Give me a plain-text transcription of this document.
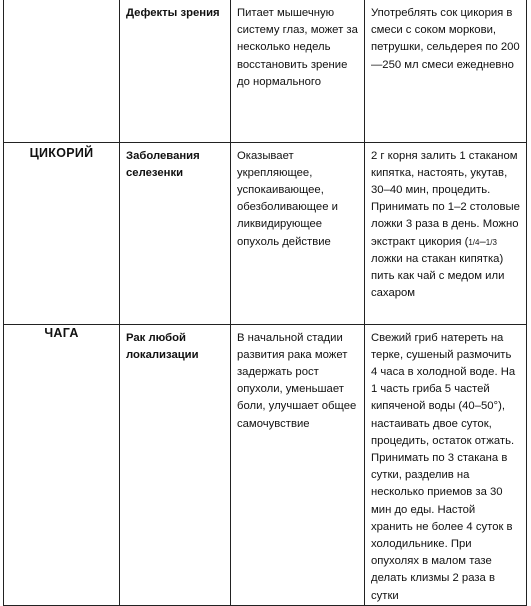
	Дефекты зрения	Питает мышечную систему глаз, может за несколько недель восстановить зрение до нормального	Употреблять сок цикория в смеси с соком моркови, петрушки, сельдерея по 200—250 мл смеси ежедневно

ЦИКОРИЙ	Заболевания селезенки	Оказывает укрепляющее, успокаивающее, обезболивающее и ликвидирующее опухоль действие	2 г корня залить 1 стаканом кипятка, настоять, укутав, 30–40 мин, процедить. Принимать по 1–2 столовые ложки 3 раза в день. Можно экстракт цикория (1/4–1/3 ложки на стакан кипятка) пить как чай с медом или сахаром

ЧАГА	Рак любой локализации	В начальной стадии развития рака может задержать рост опухоли, уменьшает боли, улучшает общее самочувствие	Свежий гриб натереть на терке, сушеный размочить 4 часа в холодной воде. На 1 часть гриба 5 частей кипяченой воды (40–50°), настаивать двое суток, процедить, остаток отжать. Принимать по 3 стакана в сутки, разделив на несколько приемов за 30 мин до еды. Настой хранить не более 4 суток в холодильнике. При опухолях в малом тазе делать клизмы 2 раза в сутки
